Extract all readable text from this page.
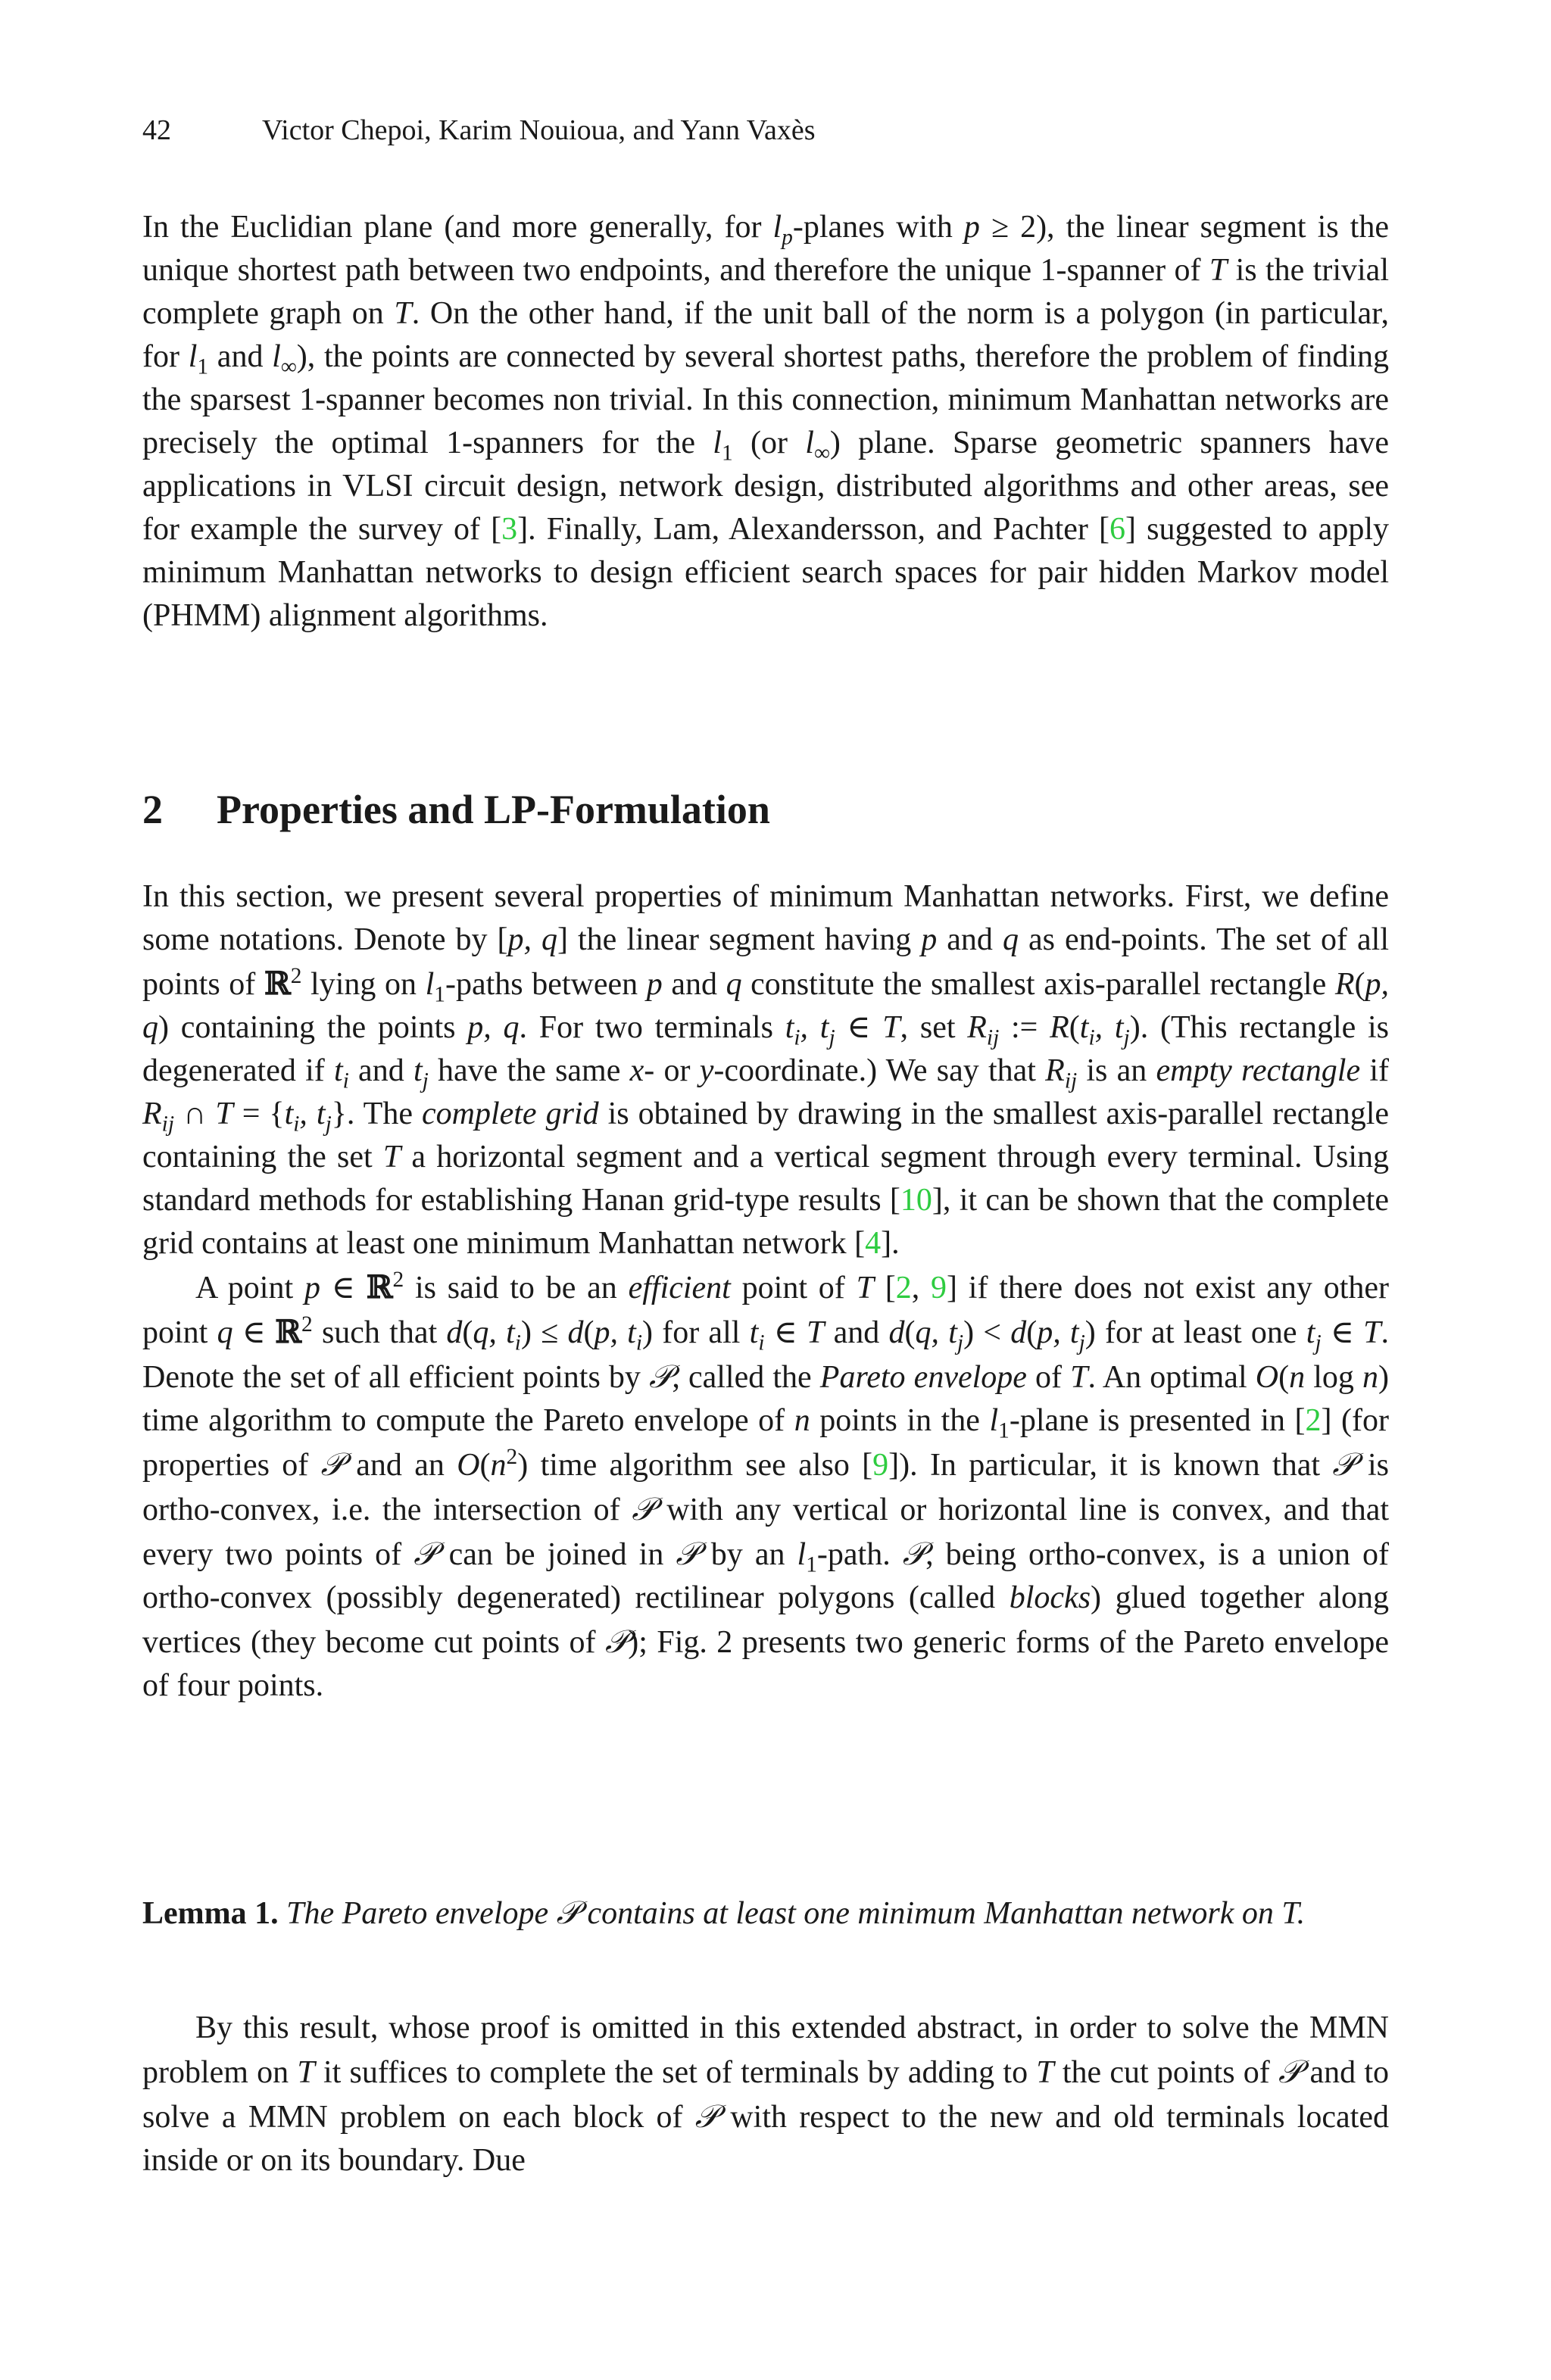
42	Victor Chepoi, Karim Nouioua, and Yann Vaxès

In the Euclidian plane (and more generally, for $l_p$-planes with p ≥ 2), the linear segment is the unique shortest path between two endpoints, and therefore the unique 1-spanner of T is the trivial complete graph on T. On the other hand, if the unit ball of the norm is a polygon (in particular, for $l_1$ and $l_\infty$), the points are connected by several shortest paths, therefore the problem of finding the sparsest 1-spanner becomes non trivial. In this connection, minimum Manhattan networks are precisely the optimal 1-spanners for the $l_1$ (or $l_\infty$) plane. Sparse geometric spanners have applications in VLSI circuit design, network design, distributed algorithms and other areas, see for example the survey of [3]. Finally, Lam, Alexandersson, and Pachter [6] suggested to apply minimum Manhattan networks to design efficient search spaces for pair hidden Markov model (PHMM) alignment algorithms.

2 Properties and LP-Formulation

In this section, we present several properties of minimum Manhattan networks. First, we define some notations. Denote by [p, q] the linear segment having p and q as end-points. The set of all points of ℝ$^2$ lying on $l_1$-paths between p and q constitute the smallest axis-parallel rectangle R(p, q) containing the points p, q. For two terminals $t_i$, $t_j$ ∈ T, set $R_{ij}$ := $R(t_i$, $t_j$). (This rectangle is degenerated if $t_i$ and $t_j$ have the same x- or y-coordinate.) We say that $R_{ij}$ is an empty rectangle if $R_{ij}$ ∩ $T = \{t_i$, $t_j$}. The complete grid is obtained by drawing in the smallest axis-parallel rectangle containing the set T a horizontal segment and a vertical segment through every terminal. Using standard methods for establishing Hanan grid-type results [10], it can be shown that the complete grid contains at least one minimum Manhattan network [4].

A point p ∈ ℝ$^2$ is said to be an efficient point of T [2, 9] if there does not exist any other point q ∈ ℝ$^2$ such that d(q, $t_i) \le d(p$, $t_i$) for all $t_i$ ∈ T and d(q, $t_j) < d(p$, $t_j$) for at least one $t_j$ ∈ T. Denote the set of all efficient points by 𝒫, called the Pareto envelope of T. An optimal O(n log n) time algorithm to compute the Pareto envelope of n points in the $l_1$-plane is presented in [2] (for properties of 𝒫 and an $O(n^2)$ time algorithm see also [9]). In particular, it is known that 𝒫 is ortho-convex, i.e. the intersection of 𝒫 with any vertical or horizontal line is convex, and that every two points of 𝒫 can be joined in 𝒫 by an $l_1$-path. 𝒫, being ortho-convex, is a union of ortho-convex (possibly degenerated) rectilinear polygons (called blocks) glued together along vertices (they become cut points of 𝒫); Fig. 2 presents two generic forms of the Pareto envelope of four points.

Lemma 1. The Pareto envelope 𝒫 contains at least one minimum Manhattan network on T.

By this result, whose proof is omitted in this extended abstract, in order to solve the MMN problem on T it suffices to complete the set of terminals by adding to T the cut points of 𝒫 and to solve a MMN problem on each block of 𝒫 with respect to the new and old terminals located inside or on its boundary. Due
